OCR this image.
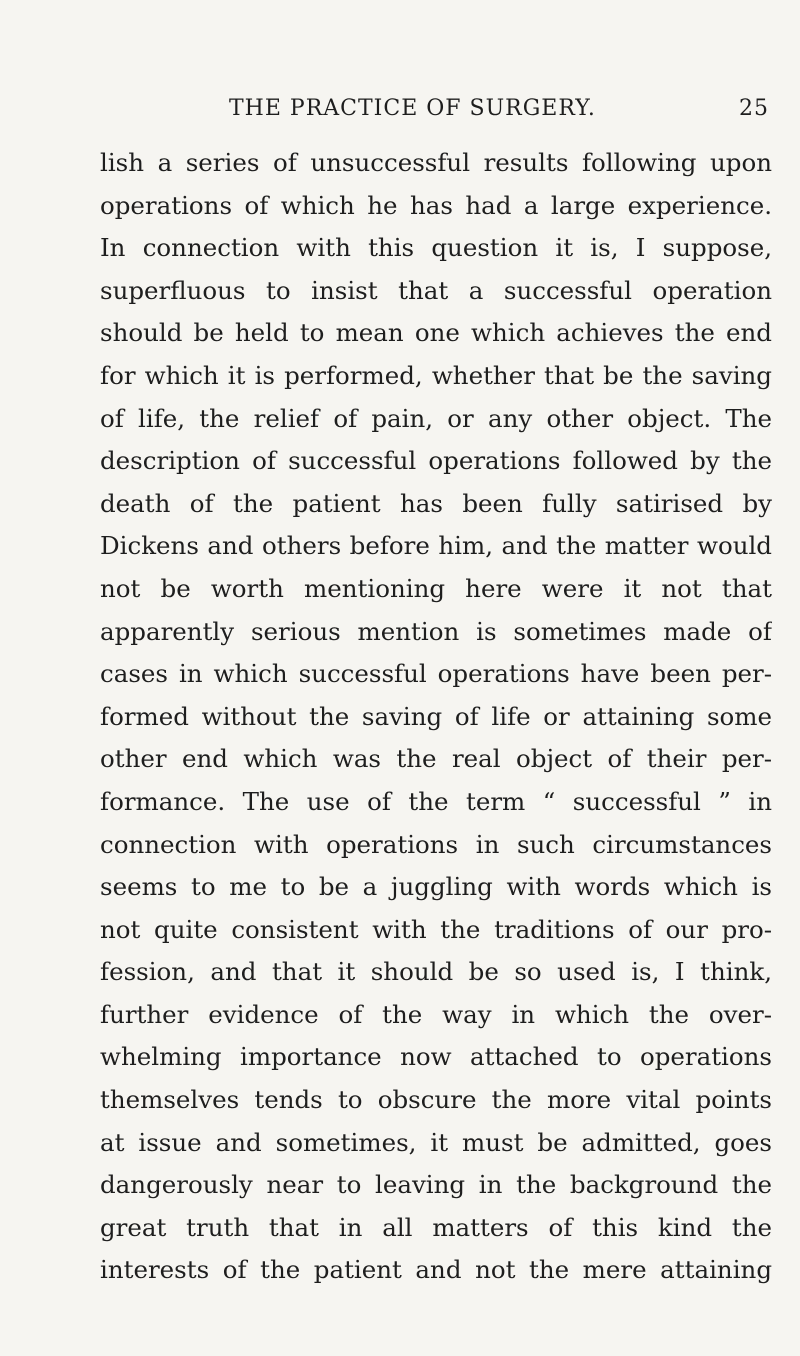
THE PRACTICE OF SURGERY.	25
lish a series of unsuccessful results following upon
operations of which he has had a large experience.
In connection with this question it is, I suppose,
superfluous to insist that a successful operation
should be held to mean one which achieves the end
for which it is performed, whether that be the saving
of life, the relief of pain, or any other object. The
description of successful operations followed by the
death of the patient has been fully satirised by
Dickens and others before him, and the matter would
not be worth mentioning here were it not that
apparently serious mention is sometimes made of
cases in which successful operations have been per-
formed without the saving of life or attaining some
other end which was the real object of their per-
formance. The use of the term “ successful ” in
connection with operations in such circumstances
seems to me to be a juggling with words which is
not quite consistent with the traditions of our pro-
fession, and that it should be so used is, I think,
further evidence of the way in which the over-
whelming importance now attached to operations
themselves tends to obscure the more vital points
at issue and sometimes, it must be admitted, goes
dangerously near to leaving in the background the
great truth that in all matters of this kind the
interests of the patient and not the mere attaining
